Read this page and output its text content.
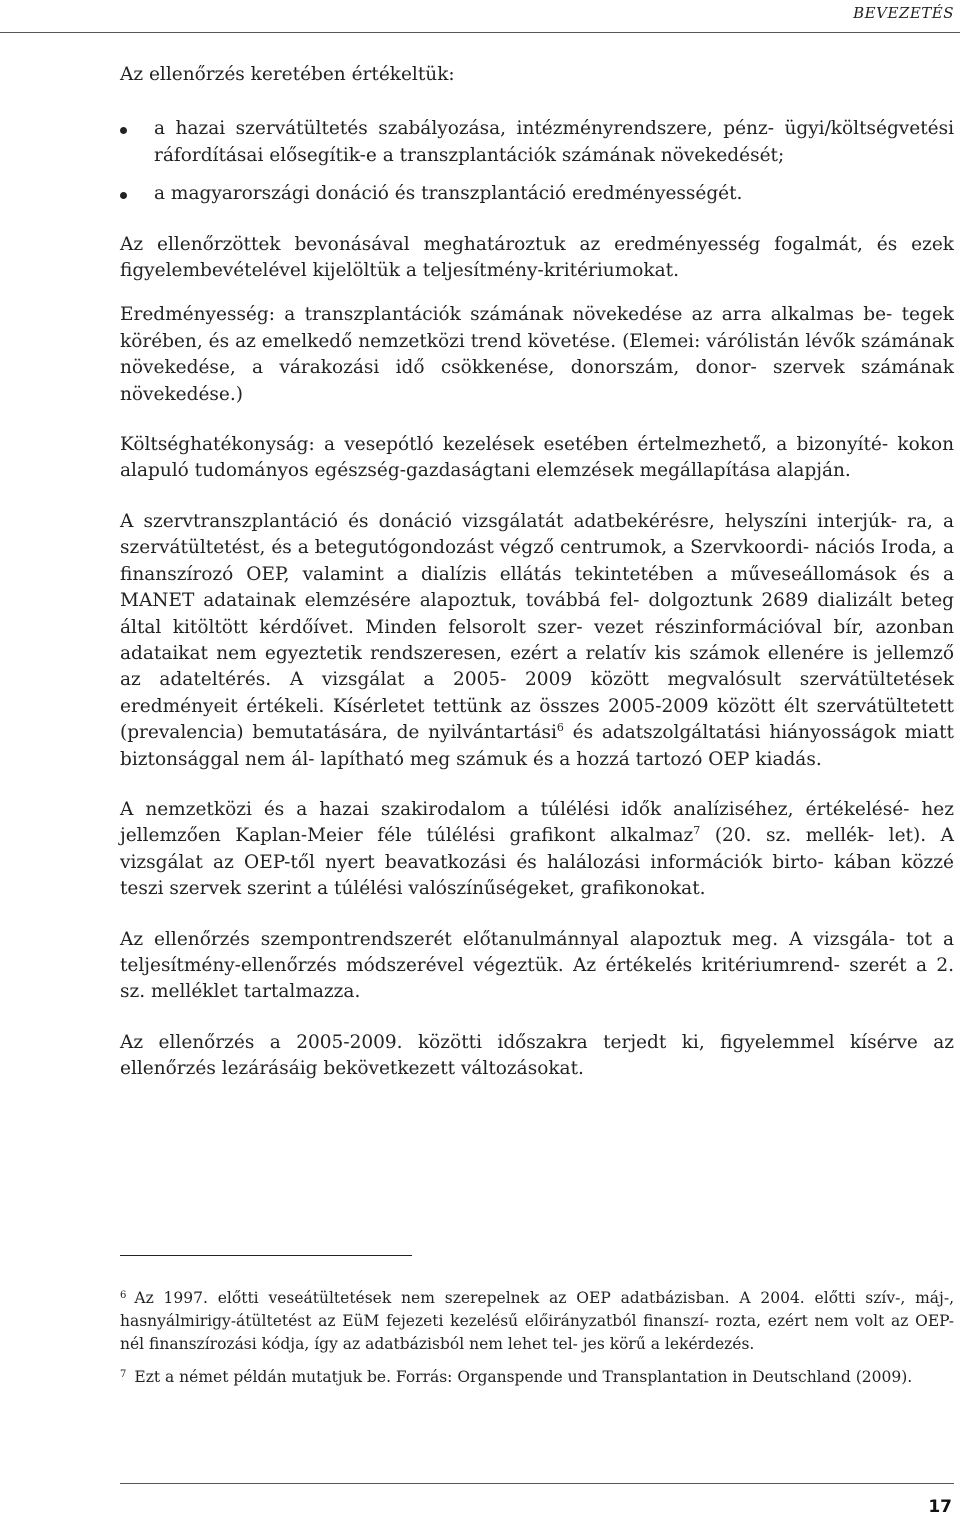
BEVEZETÉS

Az ellenőrzés keretében értékeltük:

a hazai szervátültetés szabályozása, intézményrendszere, pénz- ügyi/költségvetési ráfordításai elősegítik-e a transzplantációk számának növekedését;
a magyarországi donáció és transzplantáció eredményességét.

Az ellenőrzöttek bevonásával meghatároztuk az eredményesség fogalmát, és ezek figyelembevételével kijelöltük a teljesítmény-kritériumokat.

Eredményesség: a transzplantációk számának növekedése az arra alkalmas be- tegek körében, és az emelkedő nemzetközi trend követése. (Elemei: várólistán lévők számának növekedése, a várakozási idő csökkenése, donorszám, donor- szervek számának növekedése.)

Költséghatékonyság: a vesepótló kezelések esetében értelmezhető, a bizonyíté- kokon alapuló tudományos egészség-gazdaságtani elemzések megállapítása alapján.

A szervtranszplantáció és donáció vizsgálatát adatbekérésre, helyszíni interjúk- ra, a szervátültetést, és a betegutógondozást végző centrumok, a Szervkoordi- nációs Iroda, a finanszírozó OEP, valamint a dialízis ellátás tekintetében a műveseállomások és a MANET adatainak elemzésére alapoztuk, továbbá fel- dolgoztunk 2689 dializált beteg által kitöltött kérdőívet. Minden felsorolt szer- vezet részinformációval bír, azonban adataikat nem egyeztetik rendszeresen, ezért a relatív kis számok ellenére is jellemző az adateltérés. A vizsgálat a 2005- 2009 között megvalósult szervátültetések eredményeit értékeli. Kísérletet tettünk az összes 2005-2009 között élt szervátültetett (prevalencia) bemutatására, de nyilvántartási$^6$ és adatszolgáltatási hiányosságok miatt biztonsággal nem ál- lapítható meg számuk és a hozzá tartozó OEP kiadás.

A nemzetközi és a hazai szakirodalom a túlélési idők analíziséhez, értékelésé- hez jellemzően Kaplan-Meier féle túlélési grafikont alkalmaz$^7$ (20. sz. mellék- let). A vizsgálat az OEP-től nyert beavatkozási és halálozási információk birto- kában közzé teszi szervek szerint a túlélési valószínűségeket, grafikonokat.

Az ellenőrzés szempontrendszerét előtanulmánnyal alapoztuk meg. A vizsgála- tot a teljesítmény-ellenőrzés módszerével végeztük. Az értékelés kritériumrend- szerét a 2. sz. melléklet tartalmazza.

Az ellenőrzés a 2005-2009. közötti időszakra terjedt ki, figyelemmel kísérve az ellenőrzés lezárásáig bekövetkezett változásokat.

$^6$ Az 1997. előtti veseátültetések nem szerepelnek az OEP adatbázisban. A 2004. előtti szív-, máj-, hasnyálmirigy-átültetést az EüM fejezeti kezelésű előirányzatból finanszí- rozta, ezért nem volt az OEP-nél finanszírozási kódja, így az adatbázisból nem lehet tel- jes körű a lekérdezés.

$^7$ Ezt a német példán mutatjuk be. Forrás: Organspende und Transplantation in Deutschland (2009).

17
